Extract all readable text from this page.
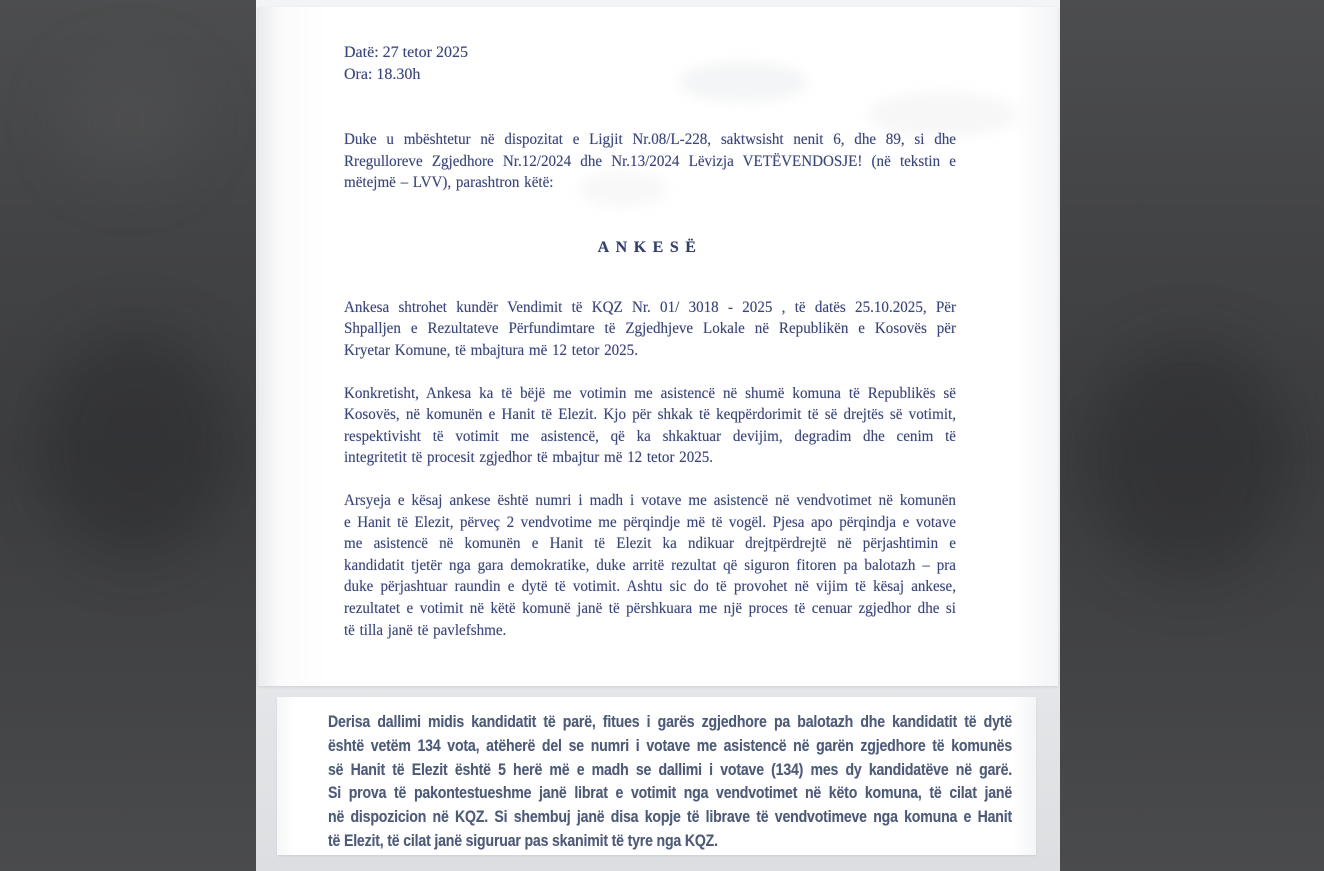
Datë: 27 tetor 2025
Ora: 18.30h
Duke u mbështetur në dispozitat e Ligjit Nr.08/L-228, saktwsisht nenit 6, dhe 89, si dhe
Rregulloreve Zgjedhore Nr.12/2024 dhe Nr.13/2024 Lëvizja VETËVENDOSJE! (në tekstin e
mëtejmë – LVV), parashtron këtë:
ANKESË
Ankesa shtrohet kundër Vendimit të KQZ Nr. 01/ 3018 - 2025 , të datës 25.10.2025, Për
Shpalljen e Rezultateve Përfundimtare të Zgjedhjeve Lokale në Republikën e Kosovës për
Kryetar Komune, të mbajtura më 12 tetor 2025.
Konkretisht, Ankesa ka të bëjë me votimin me asistencë në shumë komuna të Republikës së
Kosovës, në komunën e Hanit të Elezit. Kjo për shkak të keqpërdorimit të së drejtës së votimit,
respektivisht të votimit me asistencë, që ka shkaktuar devijim, degradim dhe cenim të
integritetit të procesit zgjedhor të mbajtur më 12 tetor 2025.
Arsyeja e kësaj ankese është numri i madh i votave me asistencë në vendvotimet në komunën
e Hanit të Elezit, përveç 2 vendvotime me përqindje më të vogël. Pjesa apo përqindja e votave
me asistencë në komunën e Hanit të Elezit ka ndikuar drejtpërdrejtë në përjashtimin e
kandidatit tjetër nga gara demokratike, duke arritë rezultat që siguron fitoren pa balotazh – pra
duke përjashtuar raundin e dytë të votimit. Ashtu sic do të provohet në vijim të kësaj ankese,
rezultatet e votimit në këtë komunë janë të përshkuara me një proces të cenuar zgjedhor dhe si
të tilla janë të pavlefshme.
Derisa dallimi midis kandidatit të parë, fitues i garës zgjedhore pa balotazh dhe kandidatit të dytë
është vetëm 134 vota, atëherë del se numri i votave me asistencë në garën zgjedhore të komunës
së Hanit të Elezit është 5 herë më e madh se dallimi i votave (134) mes dy kandidatëve në garë.
Si prova të pakontestueshme janë librat e votimit nga vendvotimet në këto komuna, të cilat janë
në dispozicion në KQZ. Si shembuj janë disa kopje të librave të vendvotimeve nga komuna e Hanit
të Elezit, të cilat janë siguruar pas skanimit të tyre nga KQZ.
